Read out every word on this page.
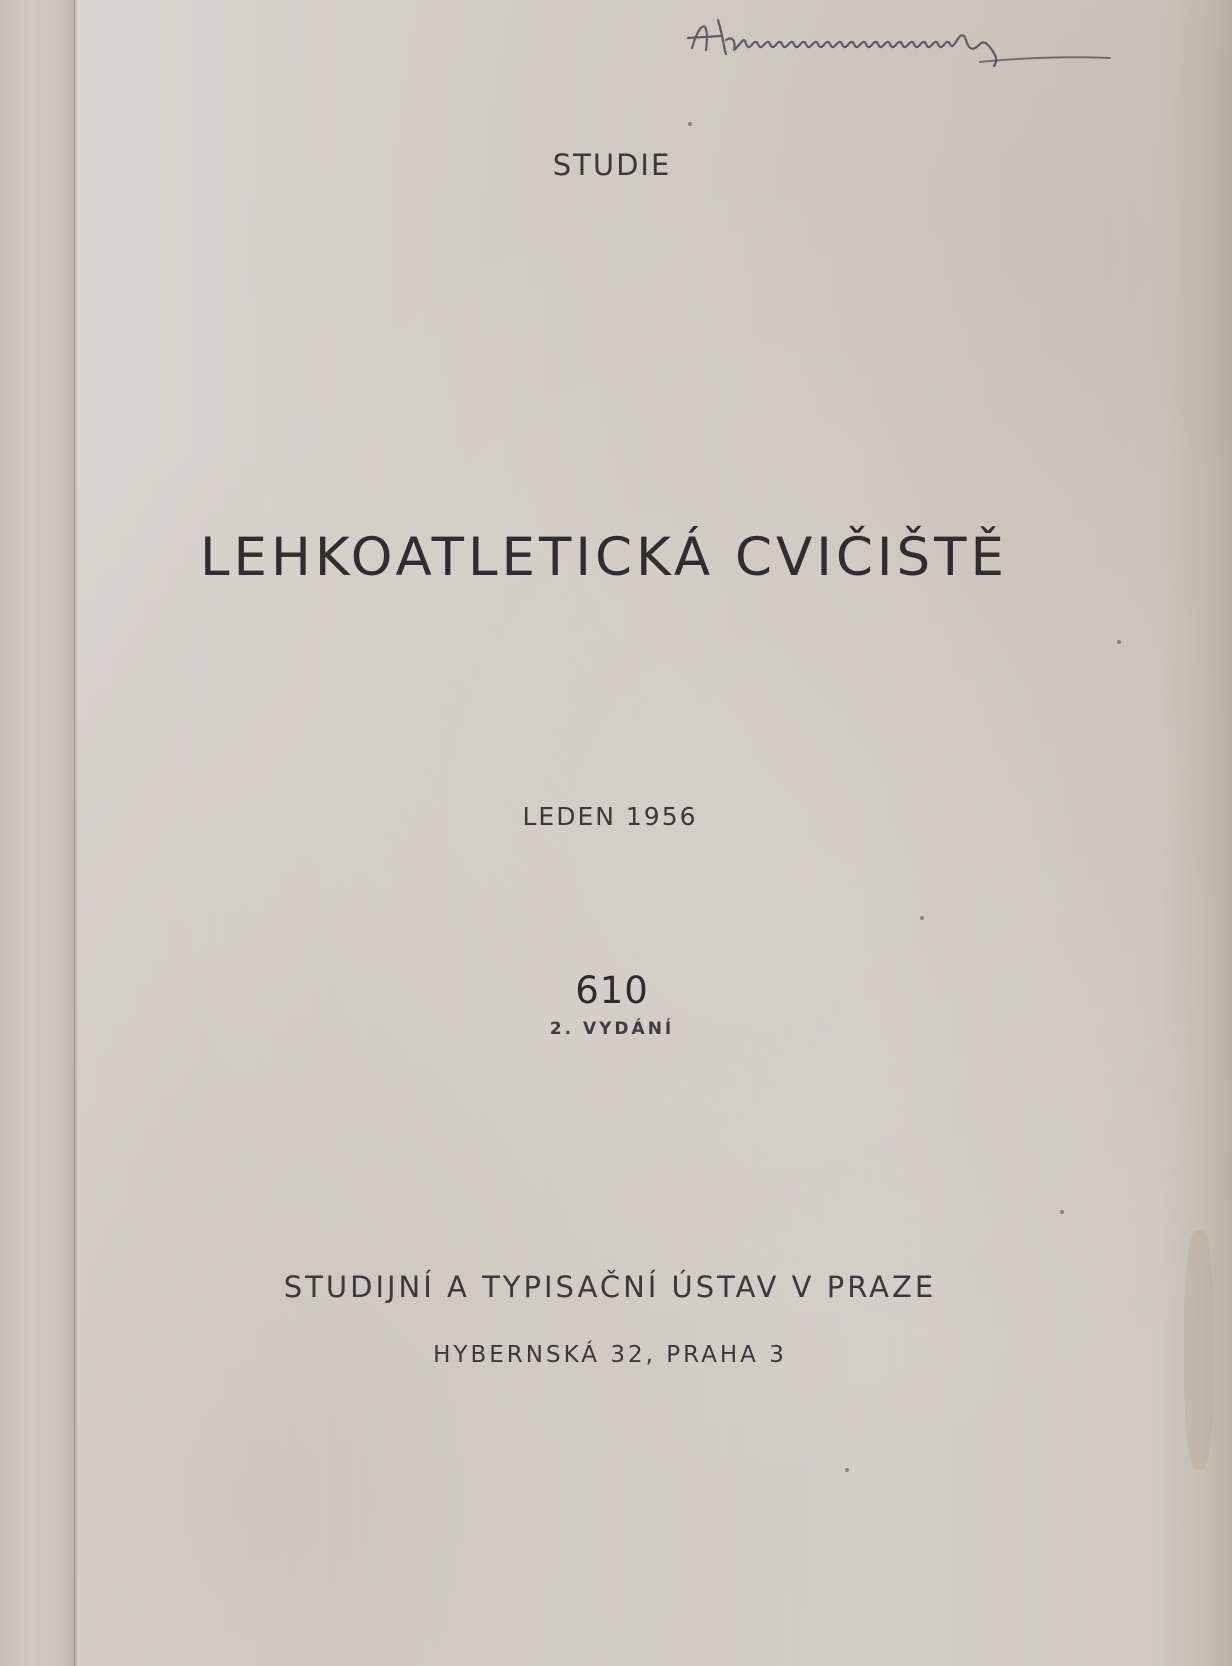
STUDIE
LEHKOATLETICKÁ CVIČIŠTĚ
LEDEN 1956
610
2. VYDÁNÍ
STUDIJNÍ A TYPISAČNÍ ÚSTAV V PRAZE
HYBERNSKÁ 32, PRAHA 3
